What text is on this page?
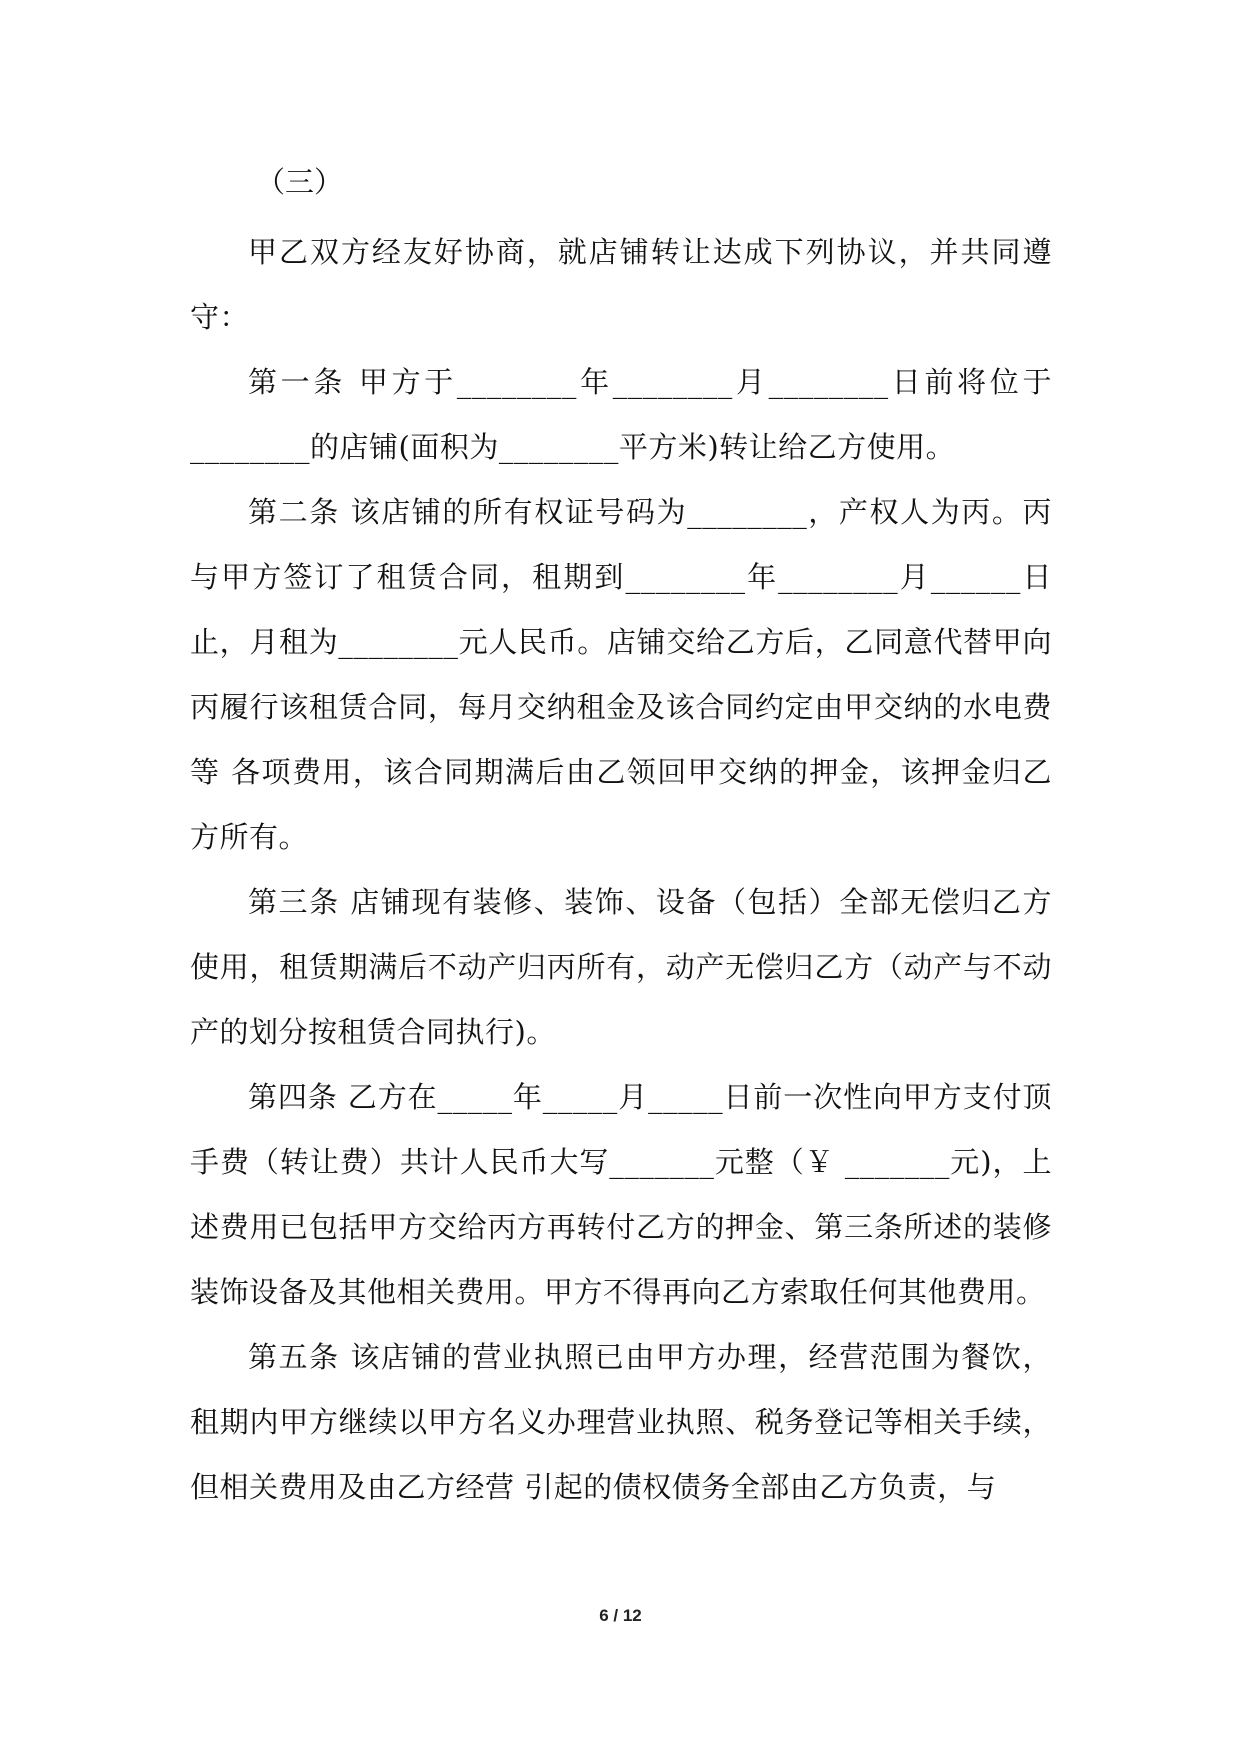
（三）

甲乙双方经友好协商，就店铺转让达成下列协议，并共同遵守：

第一条 甲方于________年________月________日前将位于________的店铺(面积为________平方米)转让给乙方使用。

第二条 该店铺的所有权证号码为________，产权人为丙。丙与甲方签订了租赁合同，租期到________年________月______日止，月租为________元人民币。店铺交给乙方后，乙同意代替甲向丙履行该租赁合同，每月交纳租金及该合同约定由甲交纳的水电费等 各项费用，该合同期满后由乙领回甲交纳的押金，该押金归乙方所有。

第三条 店铺现有装修、装饰、设备（包括）全部无偿归乙方使用，租赁期满后不动产归丙所有，动产无偿归乙方（动产与不动产的划分按租赁合同执行)。

第四条 乙方在_____年_____月_____日前一次性向甲方支付顶手费（转让费）共计人民币大写_______元整（￥ _______元)，上述费用已包括甲方交给丙方再转付乙方的押金、第三条所述的装修装饰设备及其他相关费用。甲方不得再向乙方索取任何其他费用。

第五条 该店铺的营业执照已由甲方办理，经营范围为餐饮，租期内甲方继续以甲方名义办理营业执照、税务登记等相关手续，但相关费用及由乙方经营 引起的债权债务全部由乙方负责，与

6 / 12
